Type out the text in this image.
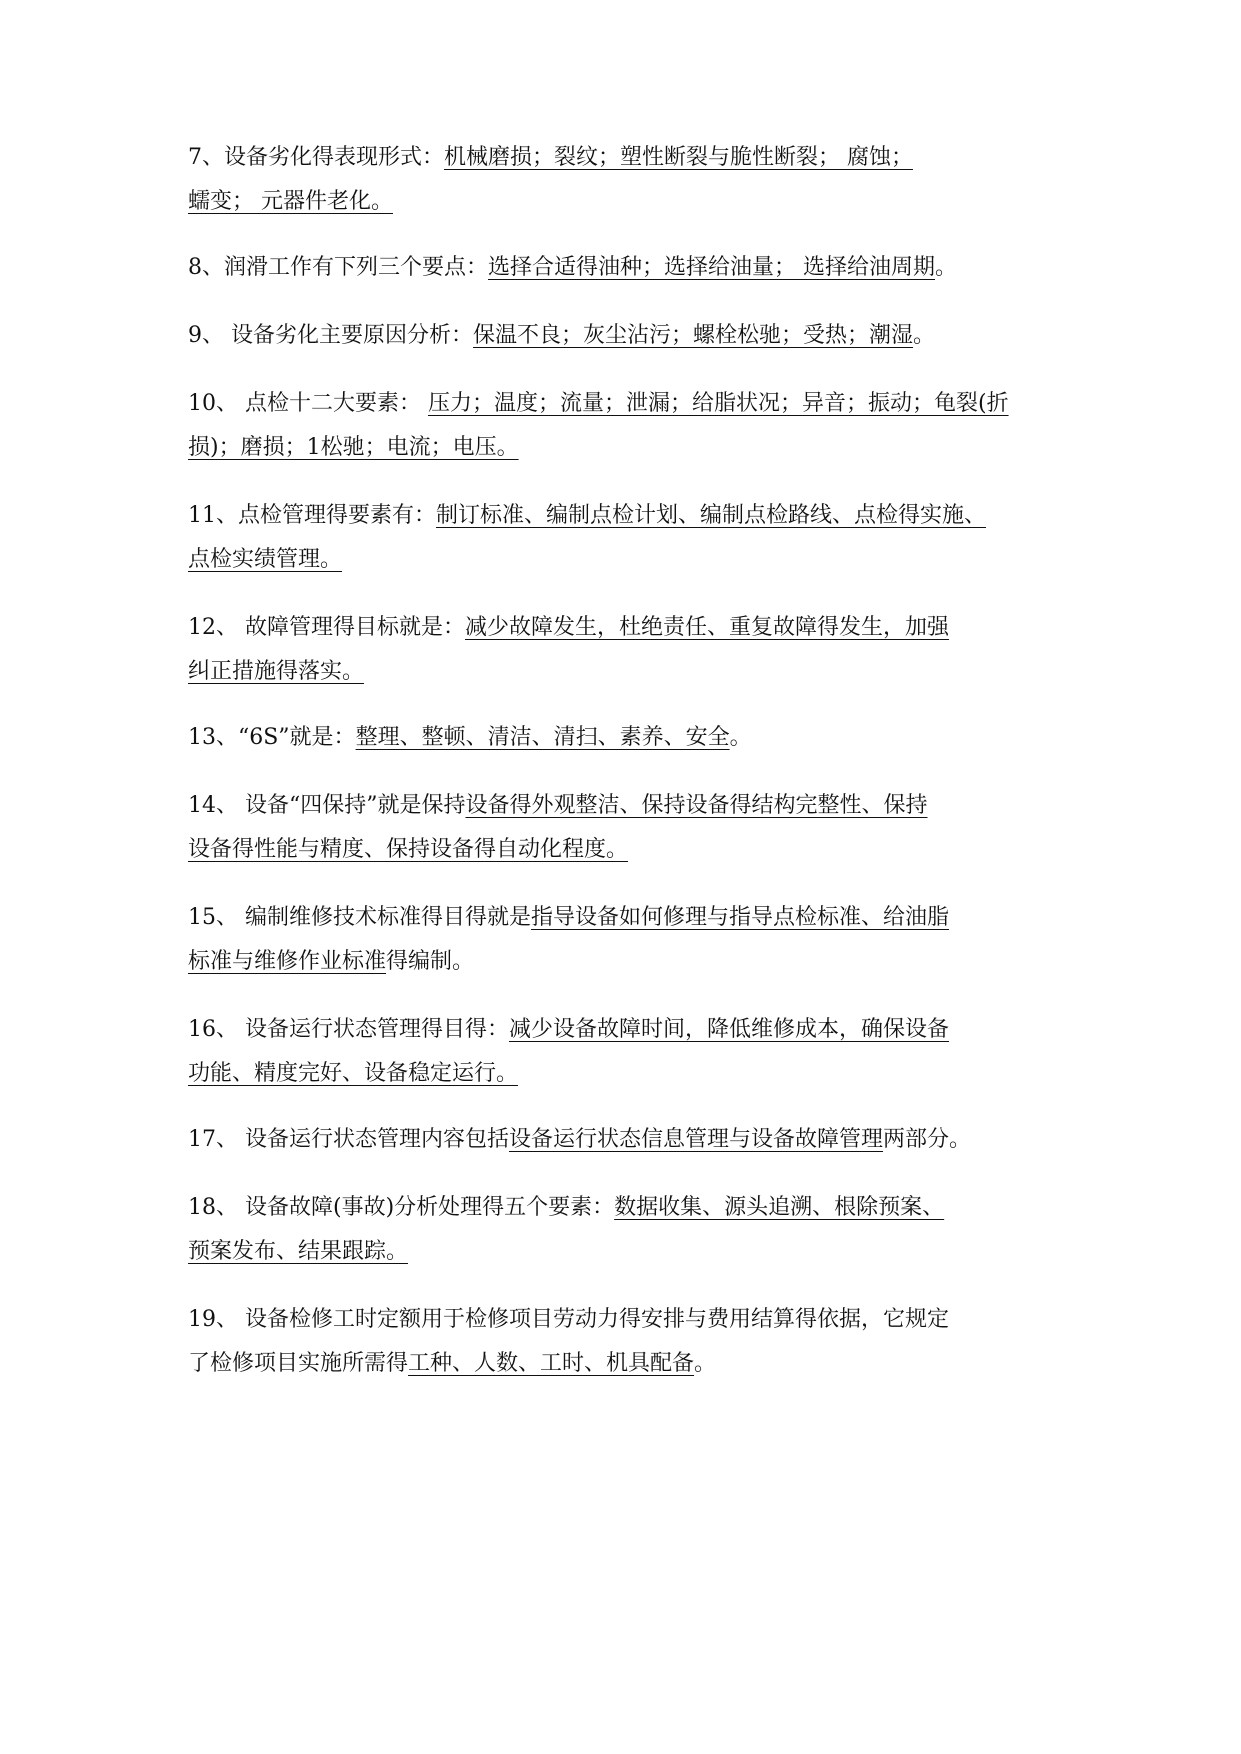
7、设备劣化得表现形式：机械磨损；裂纹；塑性断裂与脆性断裂； 腐蚀；
蠕变； 元器件老化。
8、润滑工作有下列三个要点：选择合适得油种；选择给油量； 选择给油周期。
9、 设备劣化主要原因分析：保温不良；灰尘沾污；螺栓松驰；受热；潮湿。
10、 点检十二大要素： 压力；温度；流量；泄漏；给脂状况；异音；振动；龟裂(折
损)；磨损；1松驰；电流；电压。
11、点检管理得要素有：制订标准、编制点检计划、编制点检路线、点检得实施、
点检实绩管理。
12、 故障管理得目标就是：减少故障发生，杜绝责任、重复故障得发生，加强
纠正措施得落实。
13、“6S”就是：整理、整顿、清洁、清扫、素养、安全。
14、 设备“四保持”就是保持设备得外观整洁、保持设备得结构完整性、保持
设备得性能与精度、保持设备得自动化程度。
15、 编制维修技术标准得目得就是指导设备如何修理与指导点检标准、给油脂
标准与维修作业标准得编制。
16、 设备运行状态管理得目得：减少设备故障时间，降低维修成本，确保设备
功能、精度完好、设备稳定运行。
17、 设备运行状态管理内容包括设备运行状态信息管理与设备故障管理两部分。
18、 设备故障(事故)分析处理得五个要素：数据收集、源头追溯、根除预案、
预案发布、结果跟踪。
19、 设备检修工时定额用于检修项目劳动力得安排与费用结算得依据，它规定
了检修项目实施所需得工种、人数、工时、机具配备。
